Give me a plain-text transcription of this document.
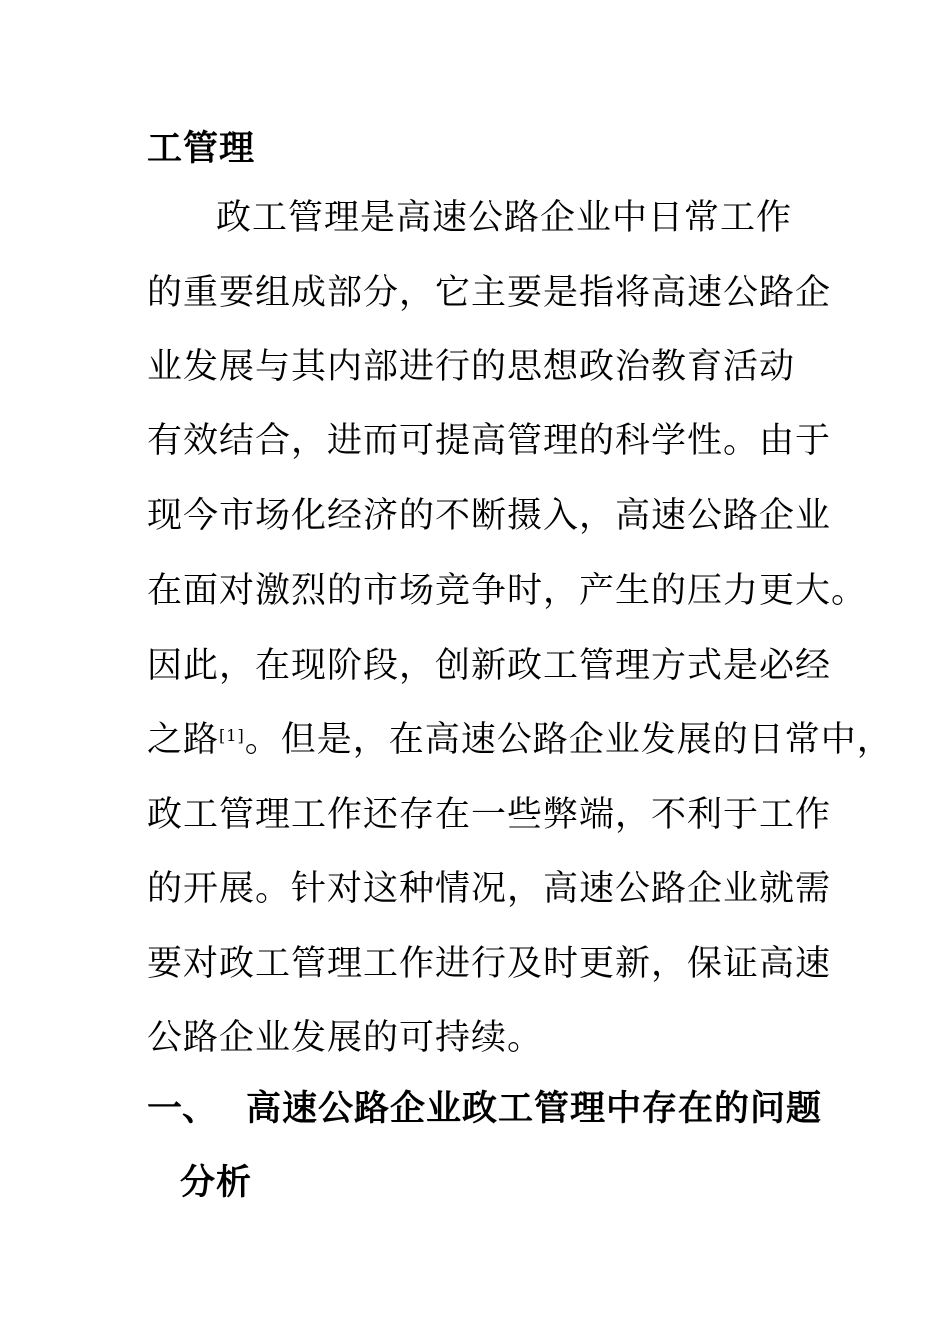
工管理
政工管理是高速公路企业中日常工作
的重要组成部分，它主要是指将高速公路企
业发展与其内部进行的思想政治教育活动
有效结合，进而可提高管理的科学性。由于
现今市场化经济的不断摄入，高速公路企业
在面对激烈的市场竞争时，产生的压力更大。
因此，在现阶段，创新政工管理方式是必经
之路[1]。但是，在高速公路企业发展的日常中，
政工管理工作还存在一些弊端，不利于工作
的开展。针对这种情况，高速公路企业就需
要对政工管理工作进行及时更新，保证高速
公路企业发展的可持续。
一、 高速公路企业政工管理中存在的问题
分析
